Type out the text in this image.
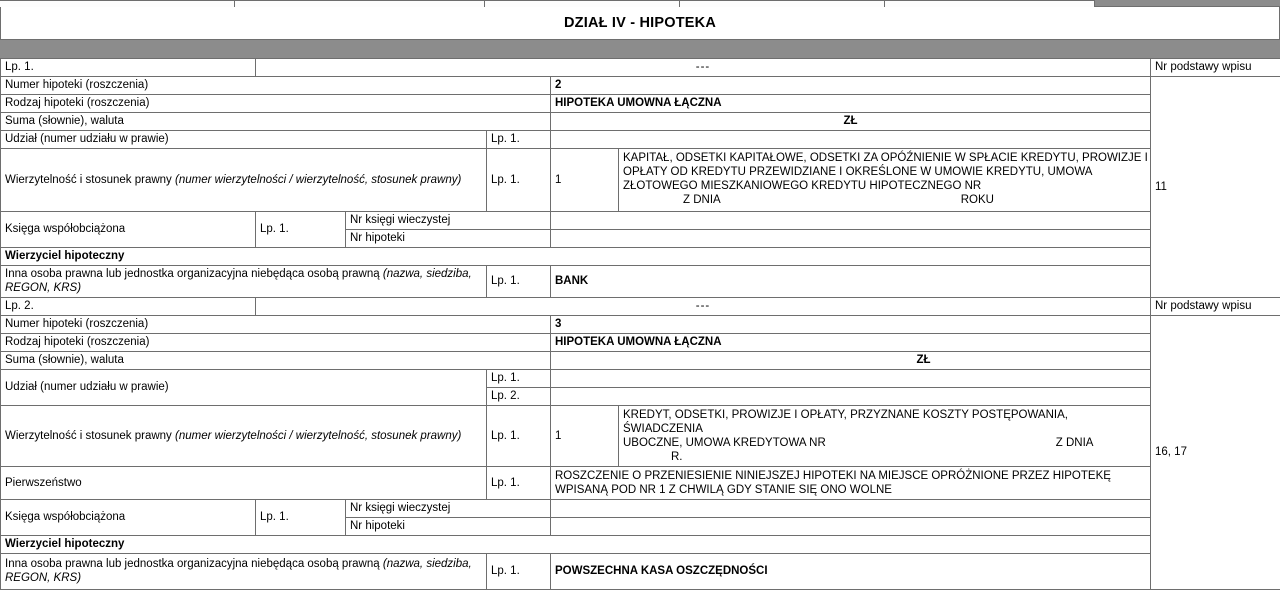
DZIAŁ IV - HIPOTEKA
Lp. 1.	---	Nr podstawy wpisu
Numer hipoteki (roszczenia)	2	11
Rodzaj hipoteki (roszczenia)	HIPOTEKA UMOWNA ŁĄCZNA
Suma (słownie), waluta	ZŁ
Udział (numer udziału w prawie)	Lp. 1.	
Wierzytelność i stosunek prawny (numer wierzytelności / wierzytelność, stosunek prawny)	Lp. 1.		1	
KAPITAŁ, ODSETKI KAPITAŁOWE, ODSETKI ZA OPÓŹNIENIE W SPŁACIE KREDYTU, PROWIZJE I
OPŁATY OD KREDYTU PRZEWIDZIANE I OKREŚLONE W UMOWIE KREDYTU, UMOWA
ZŁOTOWEGO MIESZKANIOWEGO KREDYTU HIPOTECZNEGO NR
Z DNIA	ROKU

Księga współobciążona	Lp. 1.	Nr księgi wieczystej	
Nr hipoteki	
Wierzyciel hipoteczny
Inna osoba prawna lub jednostka organizacyjna niebędąca osobą prawną (nazwa, siedziba, REGON, KRS)	Lp. 1.	BANK
Lp. 2.	---	Nr podstawy wpisu
Numer hipoteki (roszczenia)	3	16, 17
Rodzaj hipoteki (roszczenia)	HIPOTEKA UMOWNA ŁĄCZNA
Suma (słownie), waluta	ZŁ
Udział (numer udziału w prawie)	Lp. 1.	
Lp. 2.	
Wierzytelność i stosunek prawny (numer wierzytelności / wierzytelność, stosunek prawny)	Lp. 1.		1	
KREDYT, ODSETKI, PROWIZJE I OPŁATY, PRZYZNANE KOSZTY POSTĘPOWANIA, ŚWIADCZENIA
UBOCZNE, UMOWA KREDYTOWA NR	Z DNIA
R.

Pierwszeństwo	Lp. 1.	
ROSZCZENIE O PRZENIESIENIE NINIEJSZEJ HIPOTEKI NA MIEJSCE OPRÓŻNIONE PRZEZ HIPOTEKĘ
WPISANĄ POD NR 1 Z CHWILĄ GDY STANIE SIĘ ONO WOLNE

Księga współobciążona	Lp. 1.	Nr księgi wieczystej	
Nr hipoteki	
Wierzyciel hipoteczny
Inna osoba prawna lub jednostka organizacyjna niebędąca osobą prawną (nazwa, siedziba, REGON, KRS)	Lp. 1.	POWSZECHNA KASA OSZCZĘDNOŚCI
